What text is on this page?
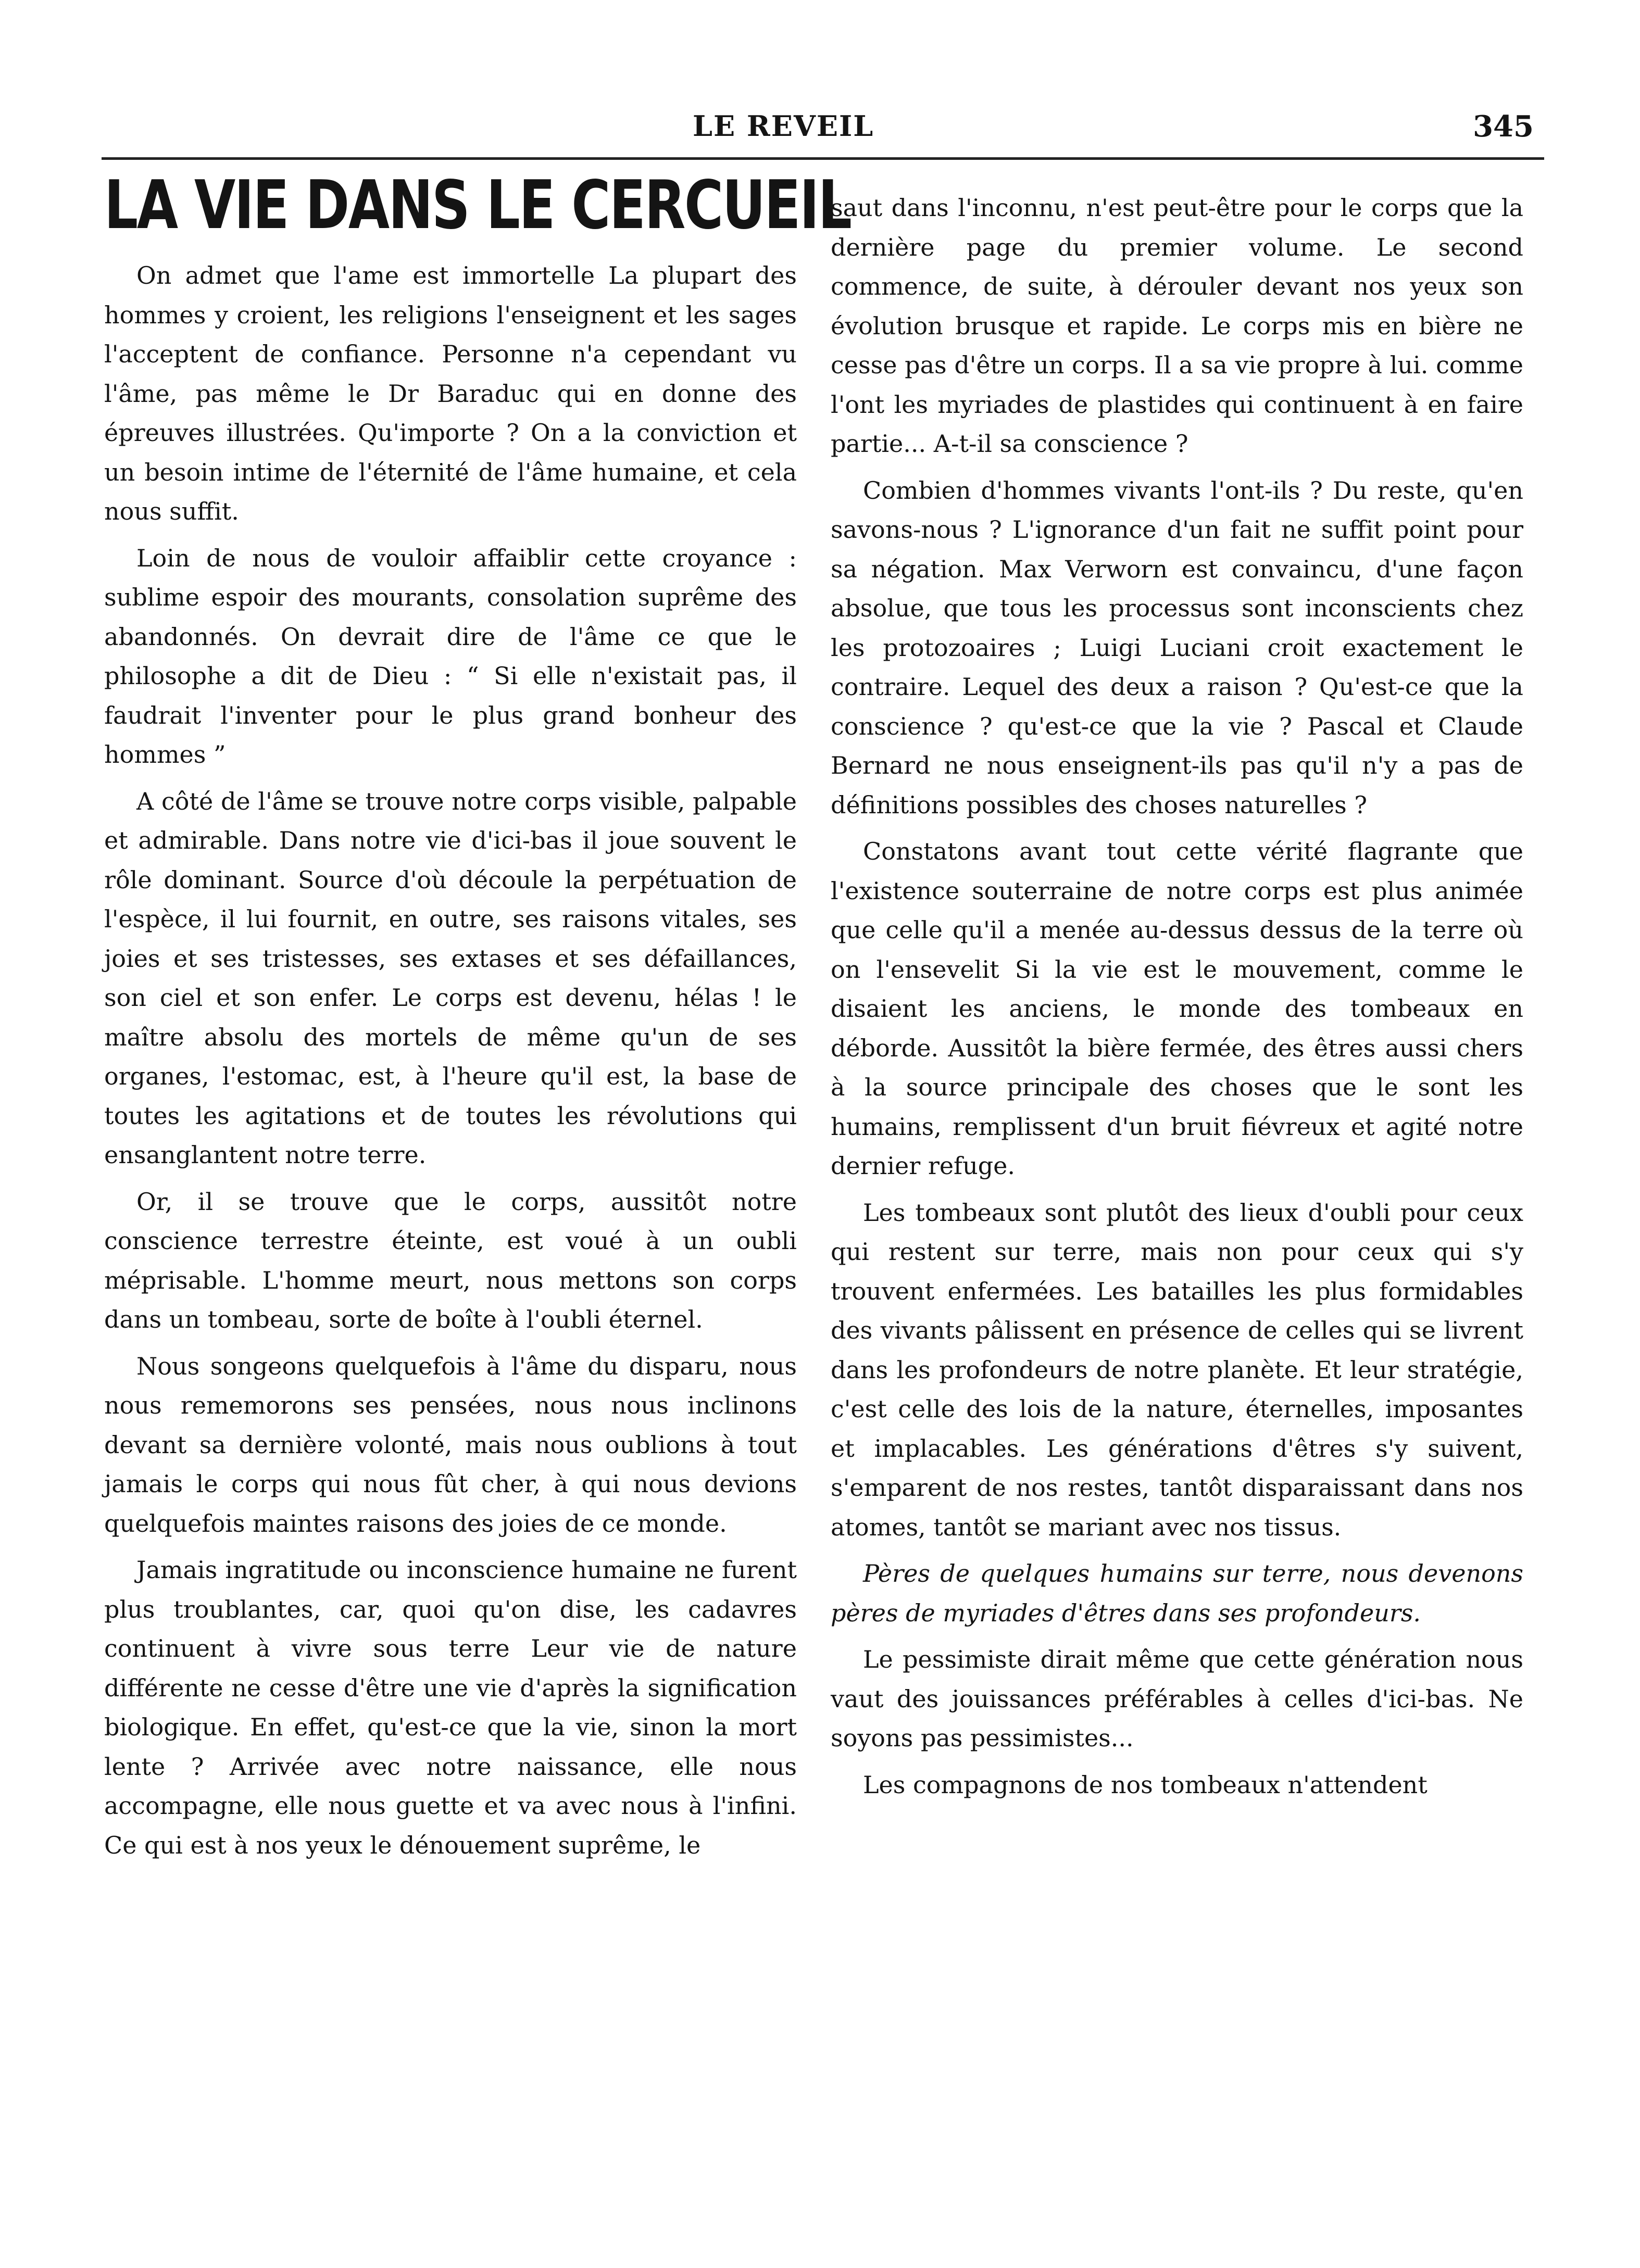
LE REVEIL	345
LA VIE DANS LE CERCUEIL

On admet que l'ame est immortelle La plupart des hommes y croient, les religions l'enseignent et les sages l'acceptent de confiance. Personne n'a cependant vu l'âme, pas même le Dr Baraduc qui en donne des épreuves illustrées. Qu'importe ? On a la conviction et un besoin intime de l'éternité de l'âme humaine, et cela nous suffit.

Loin de nous de vouloir affaiblir cette croyance : sublime espoir des mourants, consolation suprême des abandonnés. On devrait dire de l'âme ce que le philosophe a dit de Dieu : “ Si elle n'existait pas, il faudrait l'inventer pour le plus grand bonheur des hommes ”

A côté de l'âme se trouve notre corps visible, palpable et admirable. Dans notre vie d'ici-bas il joue souvent le rôle dominant. Source d'où découle la perpétuation de l'espèce, il lui fournit, en outre, ses raisons vitales, ses joies et ses tristesses, ses extases et ses défaillances, son ciel et son enfer. Le corps est devenu, hélas ! le maître absolu des mortels de même qu'un de ses organes, l'estomac, est, à l'heure qu'il est, la base de toutes les agitations et de toutes les révolutions qui ensanglantent notre terre.

Or, il se trouve que le corps, aussitôt notre conscience terrestre éteinte, est voué à un oubli méprisable. L'homme meurt, nous mettons son corps dans un tombeau, sorte de boîte à l'oubli éternel.

Nous songeons quelquefois à l'âme du disparu, nous nous rememorons ses pensées, nous nous inclinons devant sa dernière volonté, mais nous oublions à tout jamais le corps qui nous fût cher, à qui nous devions quelquefois maintes raisons des joies de ce monde.

Jamais ingratitude ou inconscience humaine ne furent plus troublantes, car, quoi qu'on dise, les cadavres continuent à vivre sous terre Leur vie de nature différente ne cesse d'être une vie d'après la signification biologique. En effet, qu'est-ce que la vie, sinon la mort lente ? Arrivée avec notre naissance, elle nous accompagne, elle nous guette et va avec nous à l'infini. Ce qui est à nos yeux le dénouement suprême, le

saut dans l'inconnu, n'est peut-être pour le corps que la dernière page du premier volume. Le second commence, de suite, à dérouler devant nos yeux son évolution brusque et rapide. Le corps mis en bière ne cesse pas d'être un corps. Il a sa vie propre à lui. comme l'ont les myriades de plastides qui continuent à en faire partie... A-t-il sa conscience ?

Combien d'hommes vivants l'ont-ils ? Du reste, qu'en savons-nous ? L'ignorance d'un fait ne suffit point pour sa négation. Max Verworn est convaincu, d'une façon absolue, que tous les processus sont inconscients chez les protozoaires ; Luigi Luciani croit exactement le contraire. Lequel des deux a raison ? Qu'est-ce que la conscience ? qu'est-ce que la vie ? Pascal et Claude Bernard ne nous enseignent-ils pas qu'il n'y a pas de définitions possibles des choses naturelles ?

Constatons avant tout cette vérité flagrante que l'existence souterraine de notre corps est plus animée que celle qu'il a menée au-dessus dessus de la terre où on l'ensevelit Si la vie est le mouvement, comme le disaient les anciens, le monde des tombeaux en déborde. Aussitôt la bière fermée, des êtres aussi chers à la source principale des choses que le sont les humains, remplissent d'un bruit fiévreux et agité notre dernier refuge.

Les tombeaux sont plutôt des lieux d'oubli pour ceux qui restent sur terre, mais non pour ceux qui s'y trouvent enfermées. Les batailles les plus formidables des vivants pâlissent en présence de celles qui se livrent dans les profondeurs de notre planète. Et leur stratégie, c'est celle des lois de la nature, éternelles, imposantes et implacables. Les générations d'êtres s'y suivent, s'emparent de nos restes, tantôt disparaissant dans nos atomes, tantôt se mariant avec nos tissus.

Pères de quelques humains sur terre, nous devenons pères de myriades d'êtres dans ses profondeurs.

Le pessimiste dirait même que cette génération nous vaut des jouissances préférables à celles d'ici-bas. Ne soyons pas pessimistes...

Les compagnons de nos tombeaux n'attendent
